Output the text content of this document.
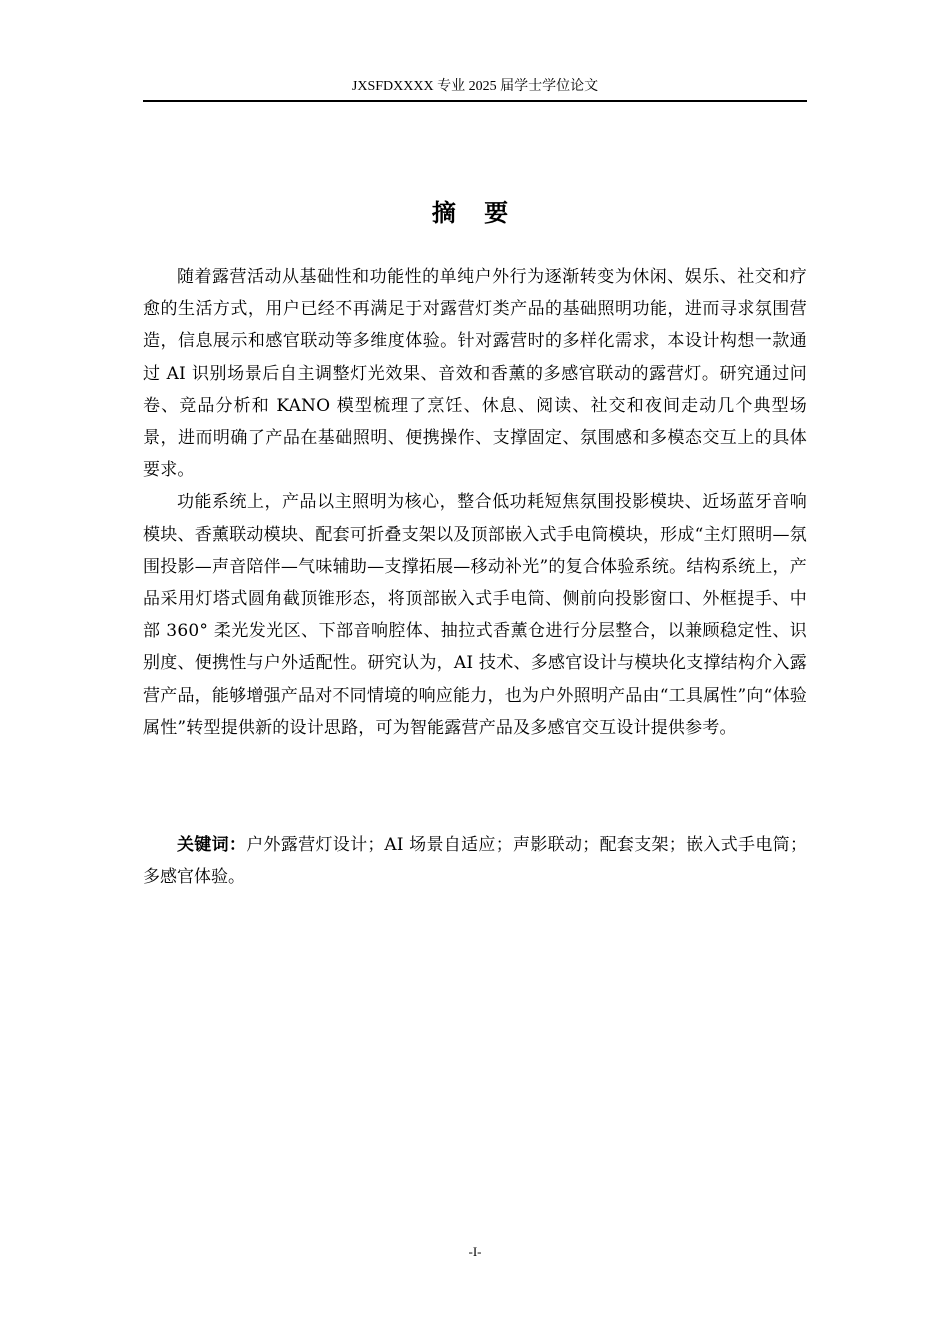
JXSFDXXXX 专业 2025 届学士学位论文
摘 要

随着露营活动从基础性和功能性的单纯户外行为逐渐转变为休闲、娱乐、社交和疗愈的生活方式，用户已经不再满足于对露营灯类产品的基础照明功能，进而寻求氛围营造，信息展示和感官联动等多维度体验。针对露营时的多样化需求，本设计构想一款通过 AI 识别场景后自主调整灯光效果、音效和香薰的多感官联动的露营灯。研究通过问卷、竞品分析和 KANO 模型梳理了烹饪、休息、阅读、社交和夜间走动几个典型场景，进而明确了产品在基础照明、便携操作、支撑固定、氛围感和多模态交互上的具体要求。

功能系统上，产品以主照明为核心，整合低功耗短焦氛围投影模块、近场蓝牙音响模块、香薰联动模块、配套可折叠支架以及顶部嵌入式手电筒模块，形成“主灯照明—氛围投影—声音陪伴—气味辅助—支撑拓展—移动补光”的复合体验系统。结构系统上，产品采用灯塔式圆角截顶锥形态，将顶部嵌入式手电筒、侧前向投影窗口、外框提手、中部 360° 柔光发光区、下部音响腔体、抽拉式香薰仓进行分层整合，以兼顾稳定性、识别度、便携性与户外适配性。研究认为，AI 技术、多感官设计与模块化支撑结构介入露营产品，能够增强产品对不同情境的响应能力，也为户外照明产品由“工具属性”向“体验属性”转型提供新的设计思路，可为智能露营产品及多感官交互设计提供参考。

关键词：户外露营灯设计；AI 场景自适应；声影联动；配套支架；嵌入式手电筒；多感官体验。
-I-
